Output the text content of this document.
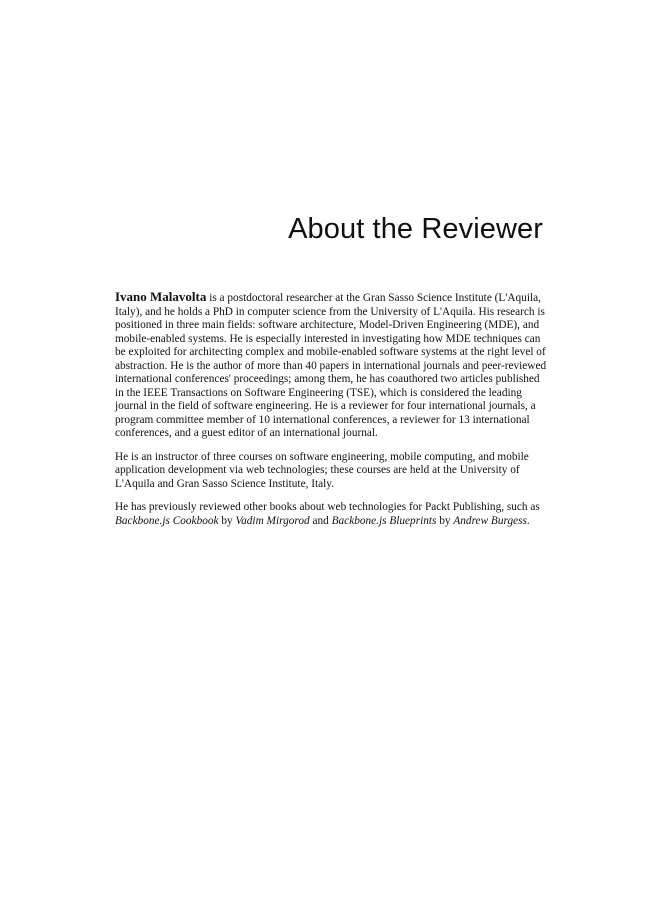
About the Reviewer

Ivano Malavolta is a postdoctoral researcher at the Gran Sasso Science Institute (L'Aquila, Italy), and he holds a PhD in computer science from the University of L'Aquila. His research is positioned in three main fields: software architecture, Model-Driven Engineering (MDE), and mobile-enabled systems. He is especially interested in investigating how MDE techniques can be exploited for architecting complex and mobile-enabled software systems at the right level of abstraction. He is the author of more than 40 papers in international journals and peer-reviewed international conferences' proceedings; among them, he has coauthored two articles published in the IEEE Transactions on Software Engineering (TSE), which is considered the leading journal in the field of software engineering. He is a reviewer for four international journals, a program committee member of 10 international conferences, a reviewer for 13 international conferences, and a guest editor of an international journal.

He is an instructor of three courses on software engineering, mobile computing, and mobile application development via web technologies; these courses are held at the University of L'Aquila and Gran Sasso Science Institute, Italy.

He has previously reviewed other books about web technologies for Packt Publishing, such as Backbone.js Cookbook by Vadim Mirgorod and Backbone.js Blueprints by Andrew Burgess.
